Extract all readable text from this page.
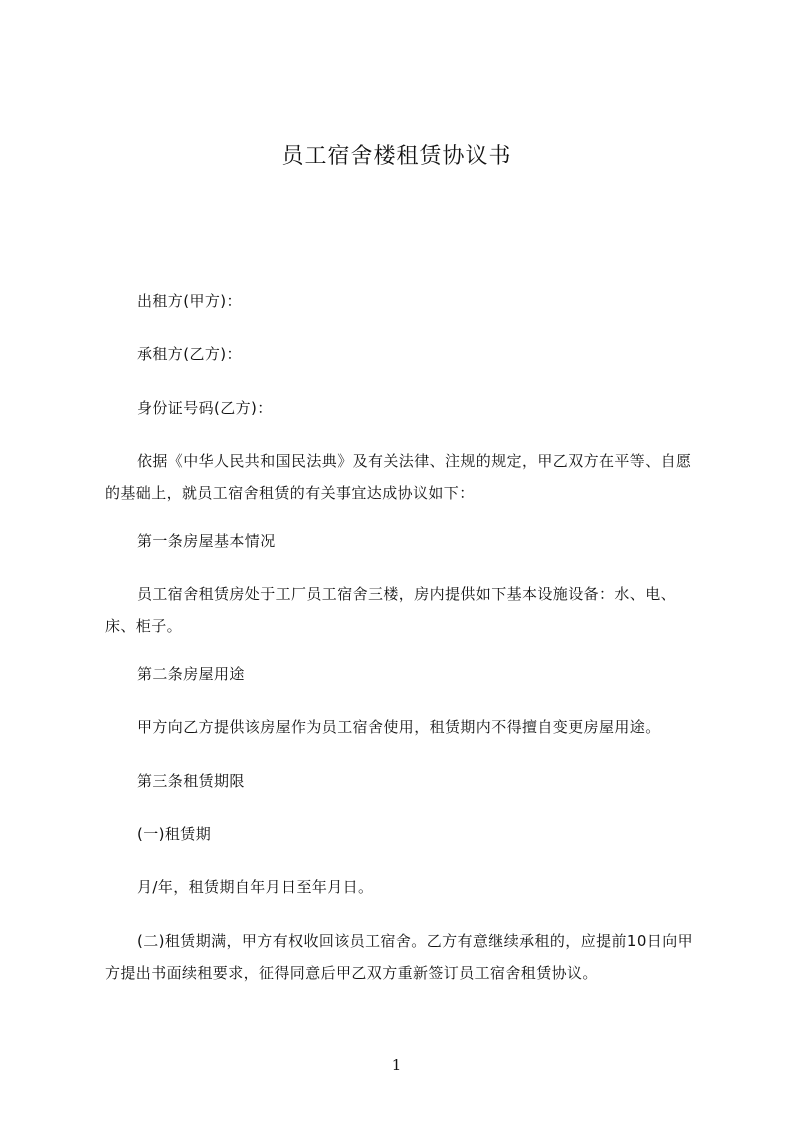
员工宿舍楼租赁协议书
出租方(甲方)：
承租方(乙方)：
身份证号码(乙方)：
依据《中华人民共和国民法典》及有关法律、注规的规定，甲乙双方在平等、自愿的基础上，就员工宿舍租赁的有关事宜达成协议如下：
第一条房屋基本情况
员工宿舍租赁房处于工厂员工宿舍三楼，房内提供如下基本设施设备：水、电、床、柜子。
第二条房屋用途
甲方向乙方提供该房屋作为员工宿舍使用，租赁期内不得擅自变更房屋用途。
第三条租赁期限
(一)租赁期
月/年，租赁期自年月日至年月日。
(二)租赁期满，甲方有权收回该员工宿舍。乙方有意继续承租的，应提前10日向甲方提出书面续租要求，征得同意后甲乙双方重新签订员工宿舍租赁协议。
1
